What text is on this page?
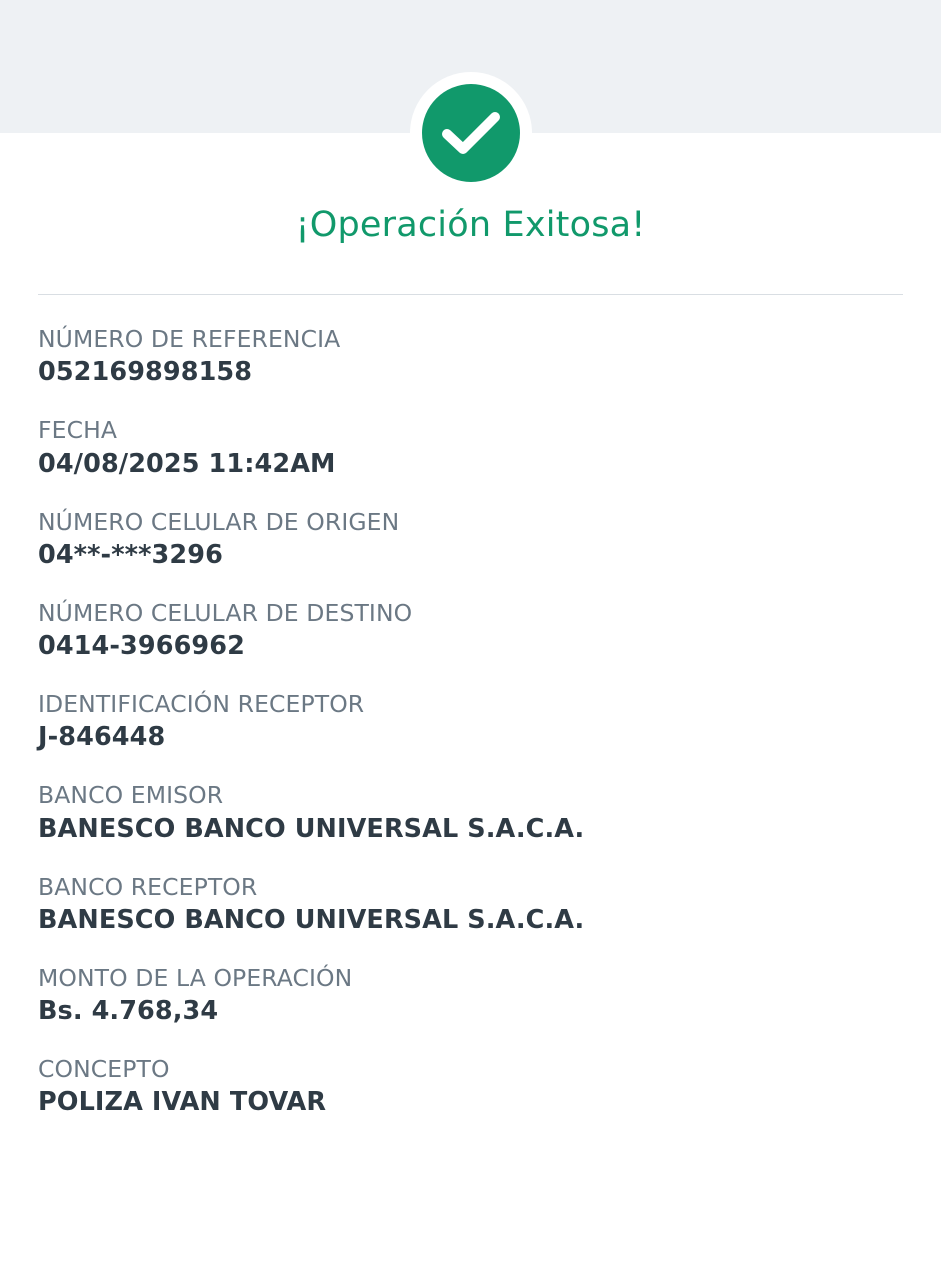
¡Operación Exitosa!
NÚMERO DE REFERENCIA
052169898158
FECHA
04/08/2025 11:42AM
NÚMERO CELULAR DE ORIGEN
04**-***3296
NÚMERO CELULAR DE DESTINO
0414-3966962
IDENTIFICACIÓN RECEPTOR
J-846448
BANCO EMISOR
BANESCO BANCO UNIVERSAL S.A.C.A.
BANCO RECEPTOR
BANESCO BANCO UNIVERSAL S.A.C.A.
MONTO DE LA OPERACIÓN
Bs. 4.768,34
CONCEPTO
POLIZA IVAN TOVAR
